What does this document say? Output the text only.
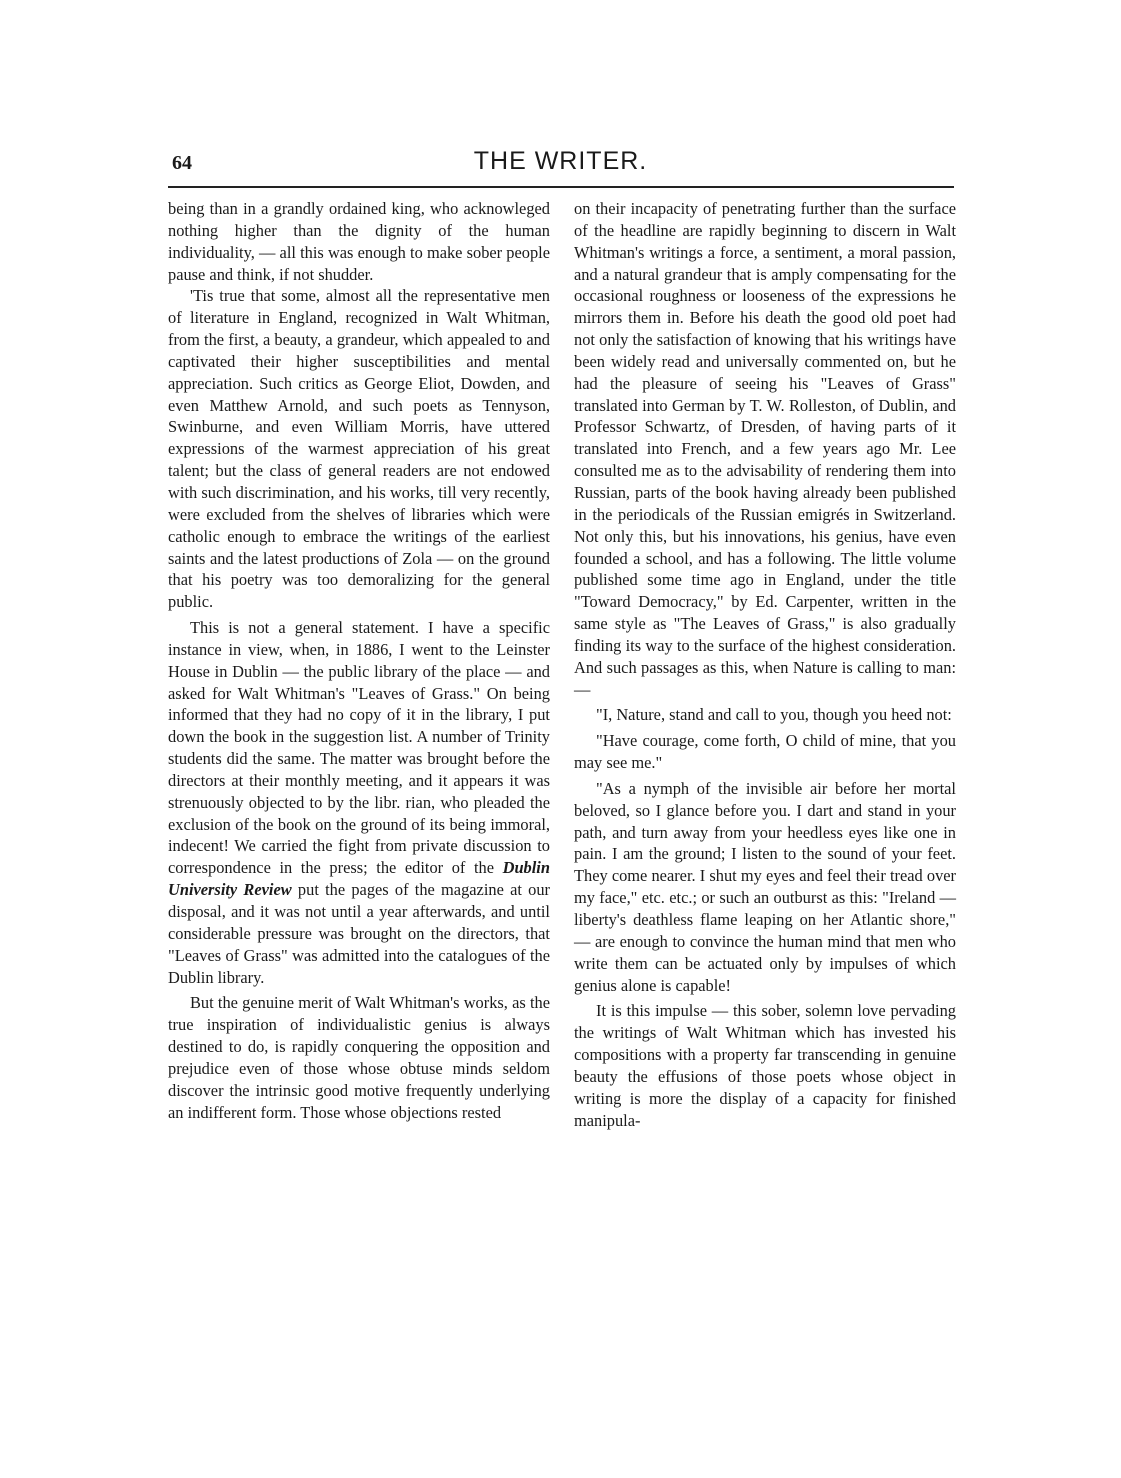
64	THE WRITER.

being than in a grandly ordained king, who acknowleged nothing higher than the dignity of the human individuality, — all this was enough to make sober people pause and think, if not shudder.

'Tis true that some, almost all the representative men of literature in England, recognized in Walt Whitman, from the first, a beauty, a grandeur, which appealed to and captivated their higher susceptibilities and mental appreciation. Such critics as George Eliot, Dowden, and even Matthew Arnold, and such poets as Tennyson, Swinburne, and even William Morris, have uttered expressions of the warmest appreciation of his great talent; but the class of general readers are not endowed with such discrimination, and his works, till very recently, were excluded from the shelves of libraries which were catholic enough to embrace the writings of the earliest saints and the latest productions of Zola — on the ground that his poetry was too demoralizing for the general public.

This is not a general statement. I have a specific instance in view, when, in 1886, I went to the Leinster House in Dublin — the public library of the place — and asked for Walt Whitman's "Leaves of Grass." On being informed that they had no copy of it in the library, I put down the book in the suggestion list. A number of Trinity students did the same. The matter was brought before the directors at their monthly meeting, and it appears it was strenuously objected to by the libr. rian, who pleaded the exclusion of the book on the ground of its being immoral, indecent! We carried the fight from private discussion to correspondence in the press; the editor of the Dublin University Review put the pages of the magazine at our disposal, and it was not until a year afterwards, and until considerable pressure was brought on the directors, that "Leaves of Grass" was admitted into the catalogues of the Dublin library.

But the genuine merit of Walt Whitman's works, as the true inspiration of individualistic genius is always destined to do, is rapidly conquering the opposition and prejudice even of those whose obtuse minds seldom discover the intrinsic good motive frequently underlying an indifferent form. Those whose objections rested

on their incapacity of penetrating further than the surface of the headline are rapidly beginning to discern in Walt Whitman's writings a force, a sentiment, a moral passion, and a natural grandeur that is amply compensating for the occasional roughness or looseness of the expressions he mirrors them in. Before his death the good old poet had not only the satisfaction of knowing that his writings have been widely read and universally commented on, but he had the pleasure of seeing his "Leaves of Grass" translated into German by T. W. Rolleston, of Dublin, and Professor Schwartz, of Dresden, of having parts of it translated into French, and a few years ago Mr. Lee consulted me as to the advisability of rendering them into Russian, parts of the book having already been published in the periodicals of the Russian emigrés in Switzerland. Not only this, but his innovations, his genius, have even founded a school, and has a following. The little volume published some time ago in England, under the title "Toward Democracy," by Ed. Carpenter, written in the same style as "The Leaves of Grass," is also gradually finding its way to the surface of the highest consideration. And such passages as this, when Nature is calling to man: —

"I, Nature, stand and call to you, though you heed not:

"Have courage, come forth, O child of mine, that you may see me."

"As a nymph of the invisible air before her mortal beloved, so I glance before you. I dart and stand in your path, and turn away from your heedless eyes like one in pain. I am the ground; I listen to the sound of your feet. They come nearer. I shut my eyes and feel their tread over my face," etc. etc.; or such an outburst as this: "Ireland — liberty's deathless flame leaping on her Atlantic shore," — are enough to convince the human mind that men who write them can be actuated only by impulses of which genius alone is capable!

It is this impulse — this sober, solemn love pervading the writings of Walt Whitman which has invested his compositions with a property far transcending in genuine beauty the effusions of those poets whose object in writing is more the display of a capacity for finished manipula-
